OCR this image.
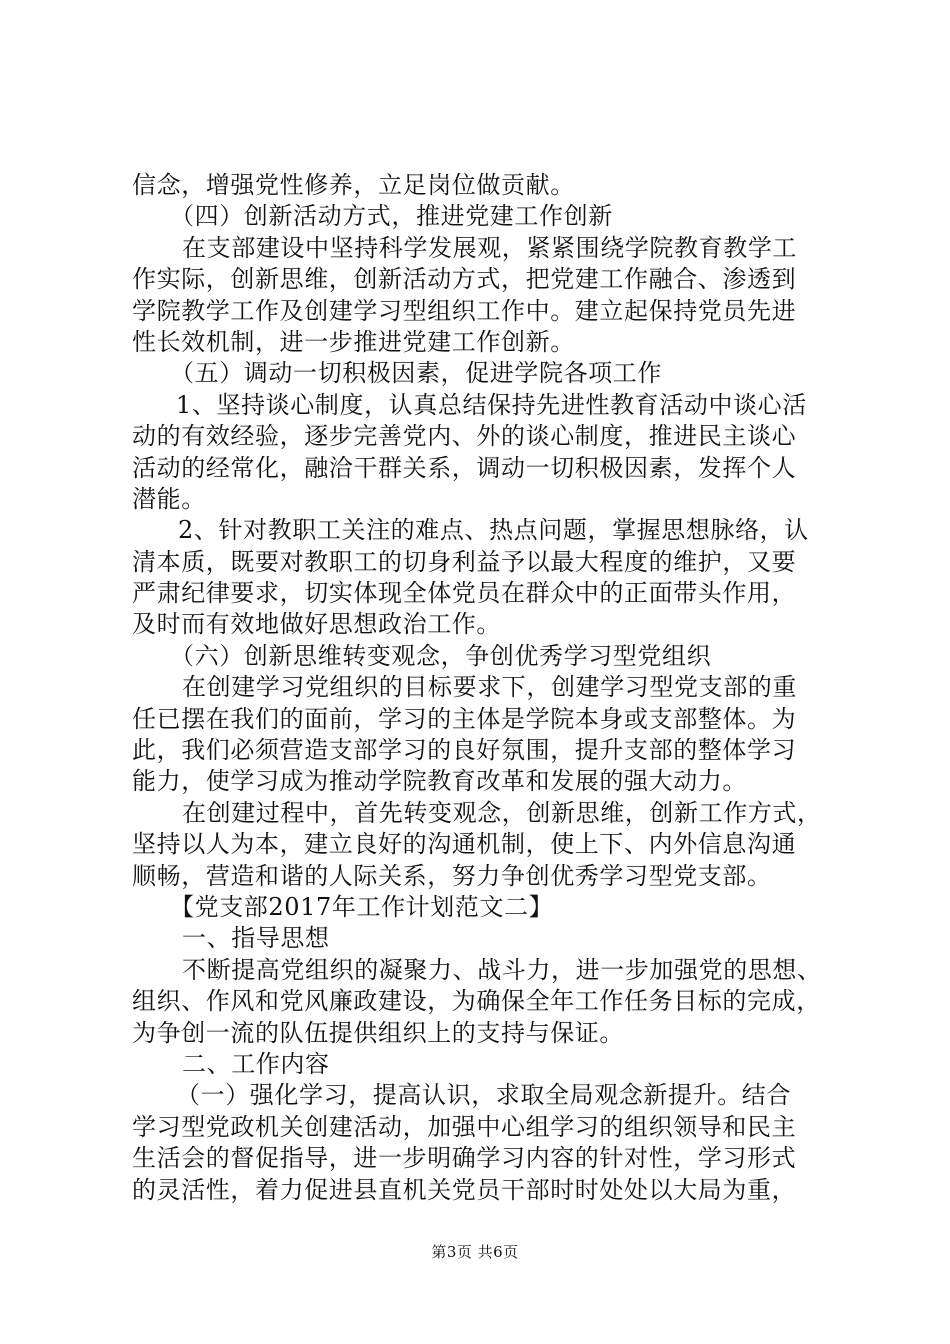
信念，增强党性修养，立足岗位做贡献。
（四）创新活动方式，推进党建工作创新
在支部建设中坚持科学发展观，紧紧围绕学院教育教学工
作实际，创新思维，创新活动方式，把党建工作融合、渗透到
学院教学工作及创建学习型组织工作中。建立起保持党员先进
性长效机制，进一步推进党建工作创新。
（五）调动一切积极因素，促进学院各项工作
1、坚持谈心制度，认真总结保持先进性教育活动中谈心活
动的有效经验，逐步完善党内、外的谈心制度，推进民主谈心
活动的经常化，融洽干群关系，调动一切积极因素，发挥个人
潜能。
2、针对教职工关注的难点、热点问题，掌握思想脉络，认
清本质，既要对教职工的切身利益予以最大程度的维护，又要
严肃纪律要求，切实体现全体党员在群众中的正面带头作用，
及时而有效地做好思想政治工作。
（六）创新思维转变观念，争创优秀学习型党组织
在创建学习党组织的目标要求下，创建学习型党支部的重
任已摆在我们的面前，学习的主体是学院本身或支部整体。为
此，我们必须营造支部学习的良好氛围，提升支部的整体学习
能力，使学习成为推动学院教育改革和发展的强大动力。
在创建过程中，首先转变观念，创新思维，创新工作方式，
坚持以人为本，建立良好的沟通机制，使上下、内外信息沟通
顺畅，营造和谐的人际关系，努力争创优秀学习型党支部。
【党支部2017年工作计划范文二】
一、指导思想
不断提高党组织的凝聚力、战斗力，进一步加强党的思想、
组织、作风和党风廉政建设，为确保全年工作任务目标的完成，
为争创一流的队伍提供组织上的支持与保证。
二、工作内容
（一）强化学习，提高认识，求取全局观念新提升。结合
学习型党政机关创建活动，加强中心组学习的组织领导和民主
生活会的督促指导，进一步明确学习内容的针对性，学习形式
的灵活性，着力促进县直机关党员干部时时处处以大局为重，
第3页 共6页
